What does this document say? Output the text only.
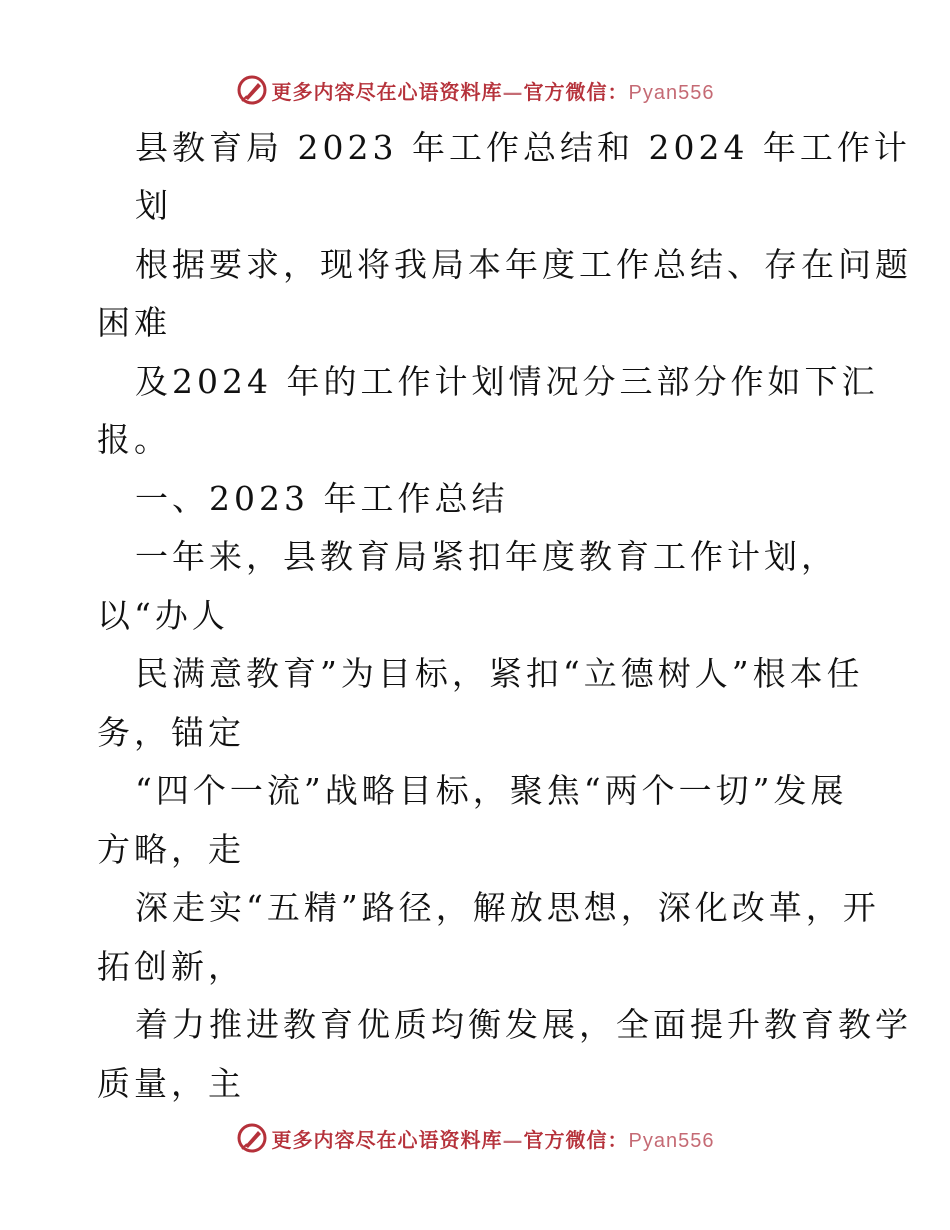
更多内容尽在心语资料库—官方微信：Pyan556
县教育局 2023 年工作总结和 2024 年工作计
划
根据要求，现将我局本年度工作总结、存在问题
困难
及2024 年的工作计划情况分三部分作如下汇
报。
一、2023 年工作总结
一年来，县教育局紧扣年度教育工作计划，
以“办人
民满意教育”为目标，紧扣“立德树人”根本任
务，锚定
“四个一流”战略目标，聚焦“两个一切”发展
方略，走
深走实“五精”路径，解放思想，深化改革，开
拓创新，
着力推进教育优质均衡发展，全面提升教育教学
质量，主
更多内容尽在心语资料库—官方微信：Pyan556
